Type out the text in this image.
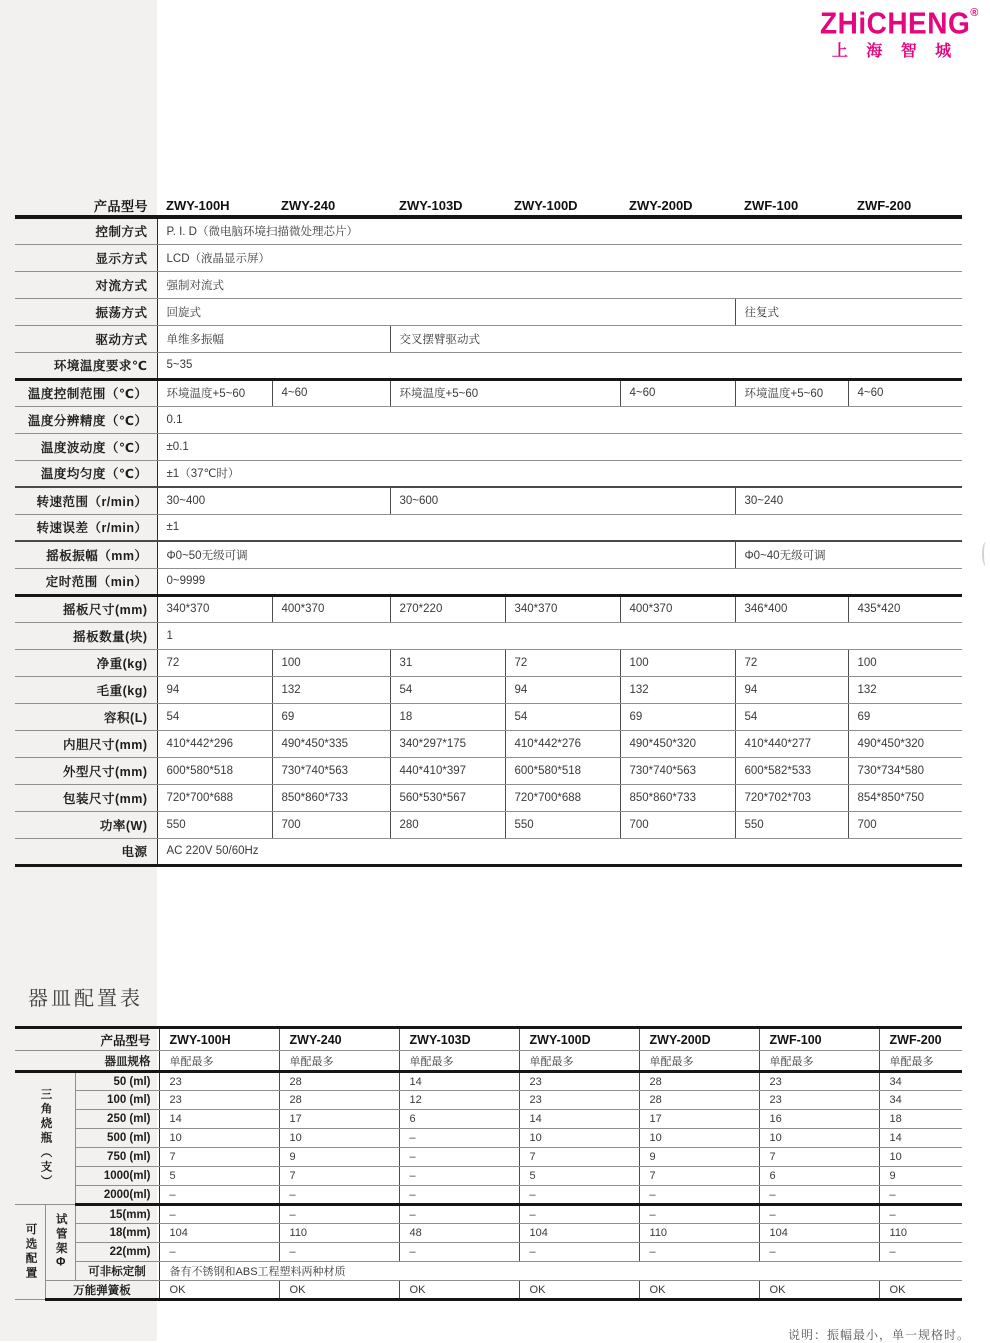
ZHiCHENG®
上 海 智 城
产品型号	ZWY-100H	ZWY-240	ZWY-103D	ZWY-100D	ZWY-200D	ZWF-100	ZWF-200
控制方式	P. I. D（微电脑环境扫描微处理芯片）						
显示方式	LCD（液晶显示屏）						
对流方式	强制对流式						
振荡方式	回旋式					往复式	
驱动方式	单维多振幅		交叉摆臂驱动式				
环境温度要求℃	5~35						
温度控制范围（℃）	环境温度+5~60	4~60	环境温度+5~60		4~60	环境温度+5~60	4~60
温度分辨精度（℃）	0.1						
温度波动度（℃）	±0.1						
温度均匀度（℃）	±1（37℃时）						
转速范围（r/min）	30~400		30~600			30~240	
转速误差（r/min）	±1						
摇板振幅（mm）	Φ0~50无级可调					Φ0~40无级可调	
定时范围（min）	0~9999						
摇板尺寸(mm)	340*370	400*370	270*220	340*370	400*370	346*400	435*420
摇板数量(块)	1						
净重(kg)	72	100	31	72	100	72	100
毛重(kg)	94	132	54	94	132	94	132
容积(L)	54	69	18	54	69	54	69
内胆尺寸(mm)	410*442*296	490*450*335	340*297*175	410*442*276	490*450*320	410*440*277	490*450*320
外型尺寸(mm)	600*580*518	730*740*563	440*410*397	600*580*518	730*740*563	600*582*533	730*734*580
包装尺寸(mm)	720*700*688	850*860*733	560*530*567	720*700*688	850*860*733	720*702*703	854*850*750
功率(W)	550	700	280	550	700	550	700
电源	AC 220V 50/60Hz						
器皿配置表
产品型号			ZWY-100H	ZWY-240	ZWY-103D	ZWY-100D	ZWY-200D	ZWF-100	ZWF-200
器皿规格			单配最多	单配最多	单配最多	单配最多	单配最多	单配最多	单配最多

三角烧瓶（支）		50 (ml)	23	28	14	23	28	23	34
		100 (ml)	23	28	12	23	28	23	34
		250 (ml)	14	17	6	14	17	16	18
		500 (ml)	10	10	–	10	10	10	14
		750 (ml)	7	9	–	7	9	7	10
		1000(ml)	5	7	–	5	7	6	9
		2000(ml)	–	–	–	–	–	–	–

可选配置	试管架Φ	15(mm)	–	–	–	–	–	–	–
		18(mm)	104	110	48	104	110	104	110
		22(mm)	–	–	–	–	–	–	–
		可非标定制	备有不锈钢和ABS工程塑料两种材质						
	万能弹簧板		OK	OK	OK	OK	OK	OK	OK
说明：振幅最小，单一规格时。
